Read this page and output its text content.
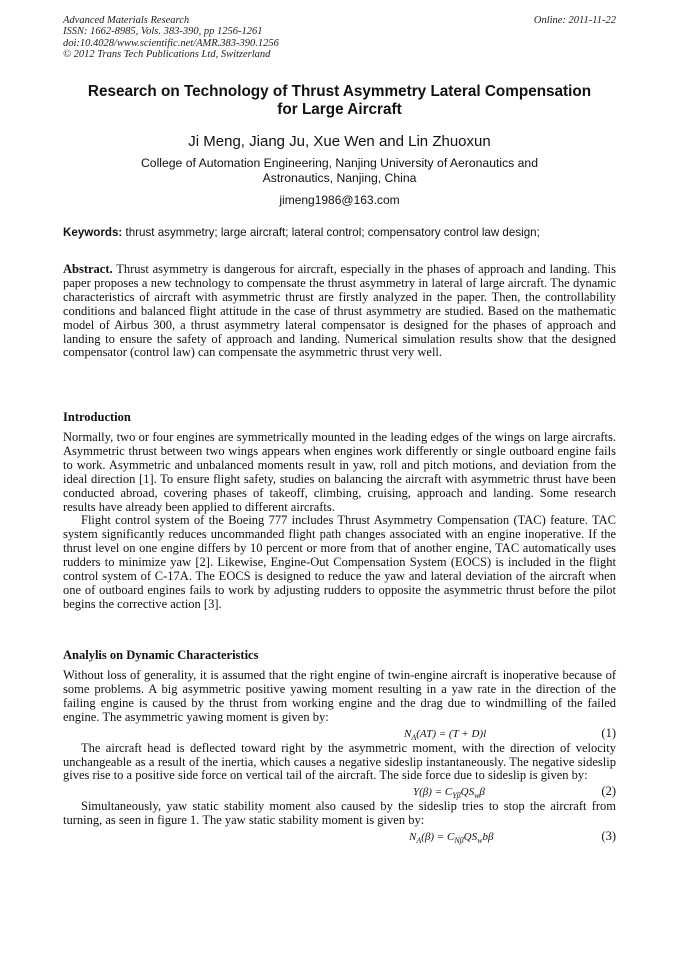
Advanced Materials Research	Online: 2011-11-22
ISSN: 1662-8985, Vols. 383-390, pp 1256-1261
doi:10.4028/www.scientific.net/AMR.383-390.1256
© 2012 Trans Tech Publications Ltd, Switzerland
Research on Technology of Thrust Asymmetry Lateral Compensation
for Large Aircraft
Ji Meng, Jiang Ju, Xue Wen and Lin Zhuoxun
College of Automation Engineering, Nanjing University of Aeronautics and
Astronautics, Nanjing, China
jimeng1986@163.com
Keywords: thrust asymmetry; large aircraft; lateral control; compensatory control law design;
Abstract. Thrust asymmetry is dangerous for aircraft, especially in the phases of approach and landing. This paper proposes a new technology to compensate the thrust asymmetry in lateral of large aircraft. The dynamic characteristics of aircraft with asymmetric thrust are firstly analyzed in the paper. Then, the controllability conditions and balanced flight attitude in the case of thrust asymmetry are studied. Based on the mathematic model of Airbus 300, a thrust asymmetry lateral compensator is designed for the phases of approach and landing to ensure the safety of approach and landing. Numerical simulation results show that the designed compensator (control law) can compensate the asymmetric thrust very well.
Introduction

Normally, two or four engines are symmetrically mounted in the leading edges of the wings on large aircrafts. Asymmetric thrust between two wings appears when engines work differently or single outboard engine fails to work. Asymmetric and unbalanced moments result in yaw, roll and pitch motions, and deviation from the ideal direction [1]. To ensure flight safety, studies on balancing the aircraft with asymmetric thrust have been conducted abroad, covering phases of takeoff, climbing, cruising, approach and landing. Some research results have already been applied to different aircrafts.

Flight control system of the Boeing 777 includes Thrust Asymmetry Compensation (TAC) feature. TAC system significantly reduces uncommanded flight path changes associated with an engine inoperative. If the thrust level on one engine differs by 10 percent or more from that of another engine, TAC automatically uses rudders to minimize yaw [2]. Likewise, Engine-Out Compensation System (EOCS) is included in the flight control system of C-17A. The EOCS is designed to reduce the yaw and lateral deviation of the aircraft when one of outboard engines fails to work by adjusting rudders to opposite the asymmetric thrust before the pilot begins the corrective action [3].

Analylis on Dynamic Characteristics

Without loss of generality, it is assumed that the right engine of twin-engine aircraft is inoperative because of some problems. A big asymmetric positive yawing moment resulting in a yaw rate in the direction of the failing engine is caused by the thrust from working engine and the drag due to windmilling of the failed engine. The asymmetric yawing moment is given by:

$N_A(AT) = (T + D)l$	(1)

The aircraft head is deflected toward right by the asymmetric moment, with the direction of velocity unchangeable as a result of the inertia, which causes a negative sideslip instantaneously. The negative sideslip gives rise to a positive side force on vertical tail of the aircraft. The side force due to sideslip is given by:

$Y(\beta) = C_{Y\beta}QS_w\beta$	(2)

Simultaneously, yaw static stability moment also caused by the sideslip tries to stop the aircraft from turning, as seen in figure 1. The yaw static stability moment is given by:

$N_A(\beta) = C_{N\beta}QS_wb\beta$	(3)
